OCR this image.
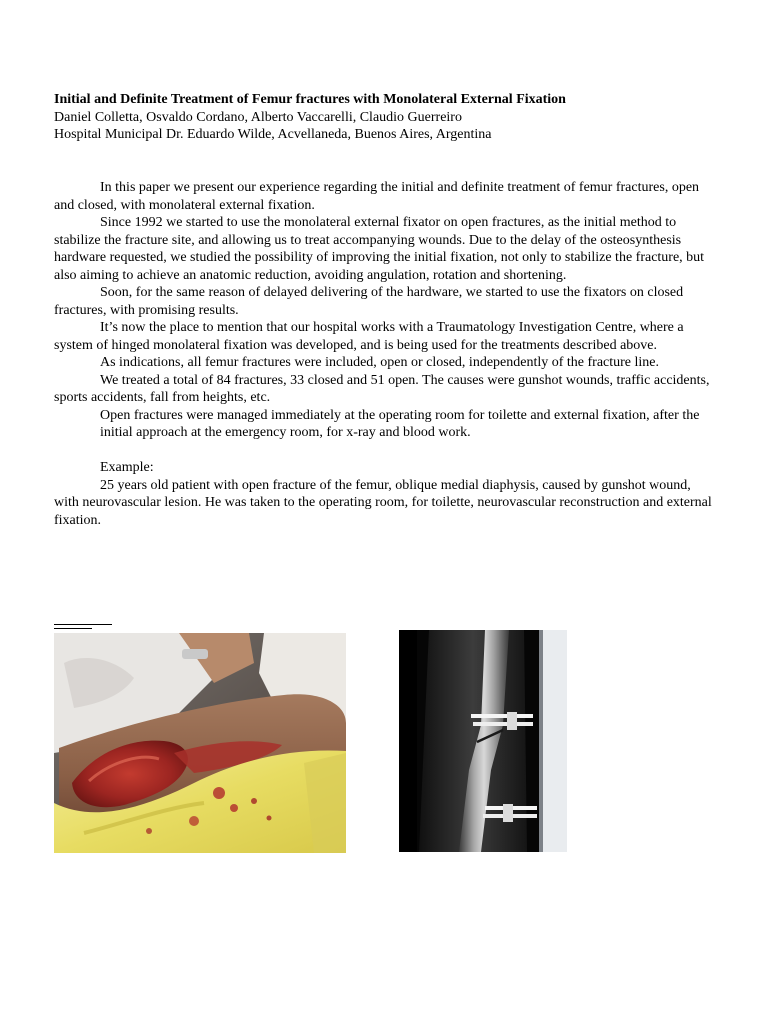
Initial and Definite Treatment of Femur fractures with Monolateral External Fixation
Daniel Colletta, Osvaldo Cordano, Alberto Vaccarelli, Claudio Guerreiro
Hospital Municipal Dr. Eduardo Wilde, Acvellaneda, Buenos Aires, Argentina

In this paper we present our experience regarding the initial and definite treatment of femur fractures, open and closed, with monolateral external fixation.

Since 1992 we started to use the monolateral external fixator on open fractures, as the initial method to stabilize the fracture site, and allowing us to treat accompanying wounds. Due to the delay of the osteosynthesis hardware requested, we studied the possibility of improving the initial fixation, not only to stabilize the fracture, but also aiming to achieve an anatomic reduction, avoiding angulation, rotation and shortening.

Soon, for the same reason of delayed delivering of the hardware, we started to use the fixators on closed fractures, with promising results.

It’s now the place to mention that our hospital works with a Traumatology Investigation Centre, where a system of hinged monolateral fixation was developed, and is being used for the treatments described above.

As indications, all femur fractures were included, open or closed, independently of the fracture line.

We treated a total of 84 fractures, 33 closed and 51 open. The causes were gunshot wounds, traffic accidents, sports accidents, fall from heights, etc.

Open fractures were managed immediately at the operating room for toilette and external fixation, after the initial approach at the emergency room, for x-ray and blood work.

Example:

25 years old patient with open fracture of the femur, oblique medial diaphysis, caused by gunshot wound, with neurovascular lesion. He was taken to the operating room, for toilette, neurovascular reconstruction and external fixation.
